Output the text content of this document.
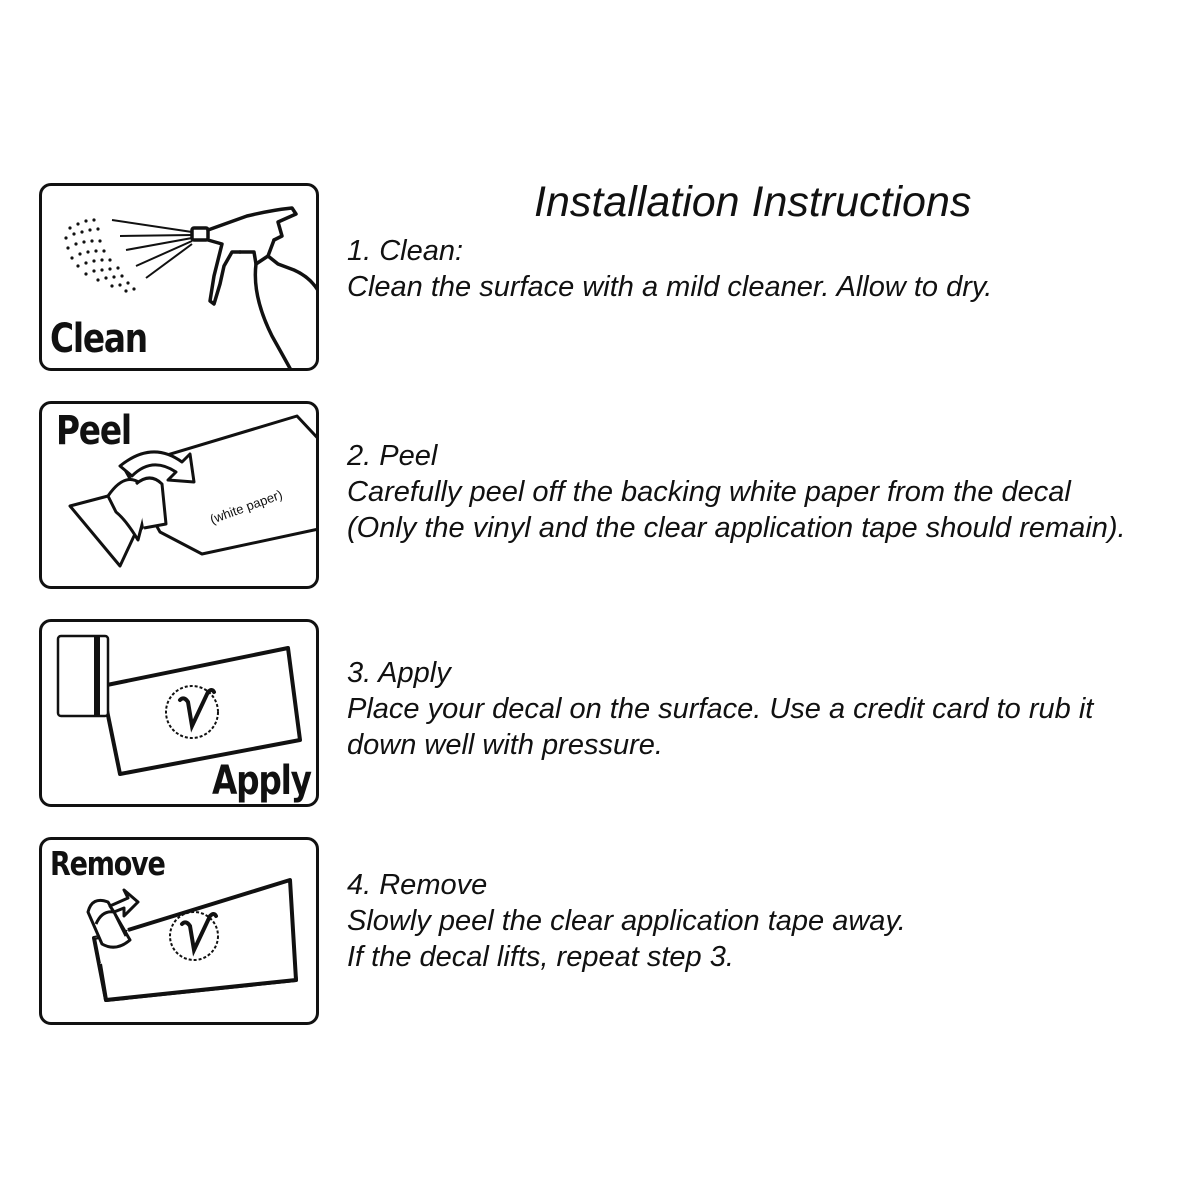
Installation Instructions
Clean
(white paper)
Peel
Apply
Remove
1. Clean:
Clean the surface with a mild cleaner. Allow to dry.
2. Peel
Carefully peel off the backing white paper from the decal
(Only the vinyl and the clear application tape should remain).
3. Apply
Place your decal on the surface. Use a credit card to rub it
down well with pressure.
4. Remove
Slowly peel the clear application tape away.
If the decal lifts, repeat step 3.
